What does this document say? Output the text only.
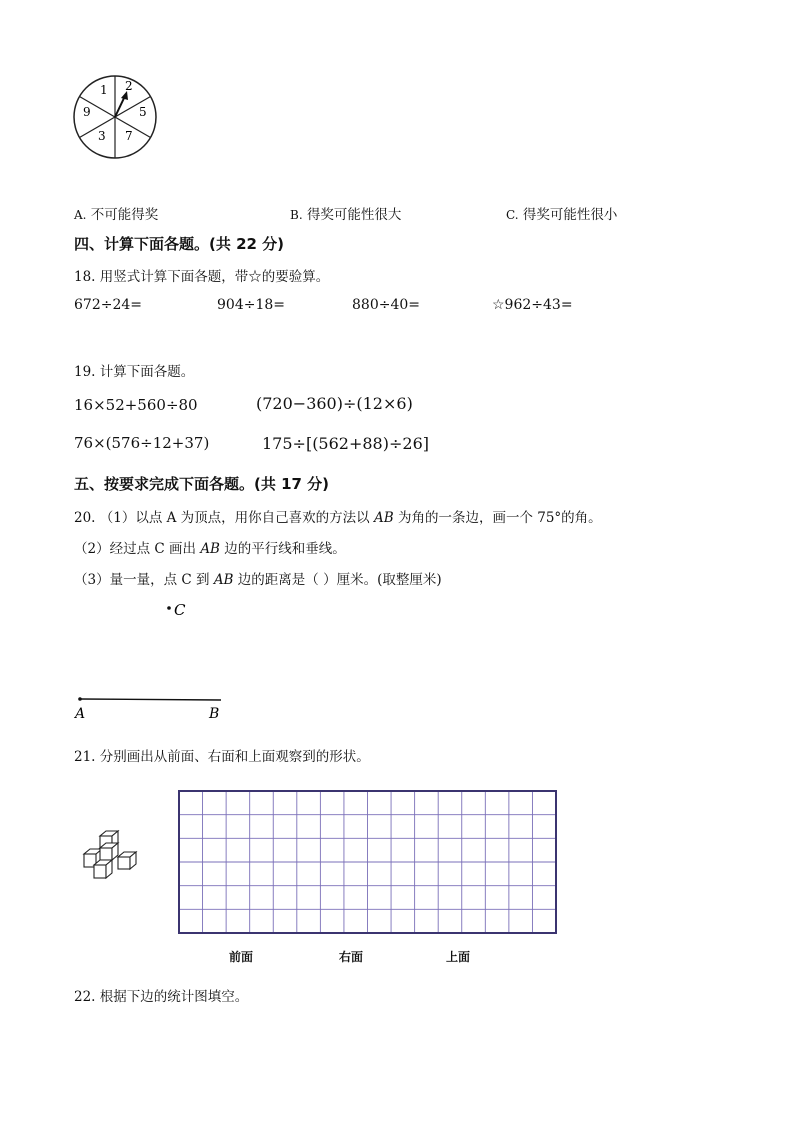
1 2
5
7
3
9
A. 不可能得奖	B. 得奖可能性很大	C. 得奖可能性很小
四、计算下面各题。(共 22 分)
18. 用竖式计算下面各题，带☆的要验算。
672÷24=	904÷18=	880÷40=	☆962÷43=
19. 计算下面各题。
16×52+560÷80	(720−360)÷(12×6)
76×(576÷12+37)	175÷[(562+88)÷26]
五、按要求完成下面各题。(共 17 分)
20. （1）以点 A 为顶点，用你自己喜欢的方法以 AB 为角的一条边，画一个 75°的角。
（2）经过点 C 画出 AB 边的平行线和垂线。
（3）量一量，点 C 到 AB 边的距离是（ ）厘米。(取整厘米)
C
A	B
21. 分别画出从前面、右面和上面观察到的形状。
前面	右面	上面
22. 根据下边的统计图填空。
